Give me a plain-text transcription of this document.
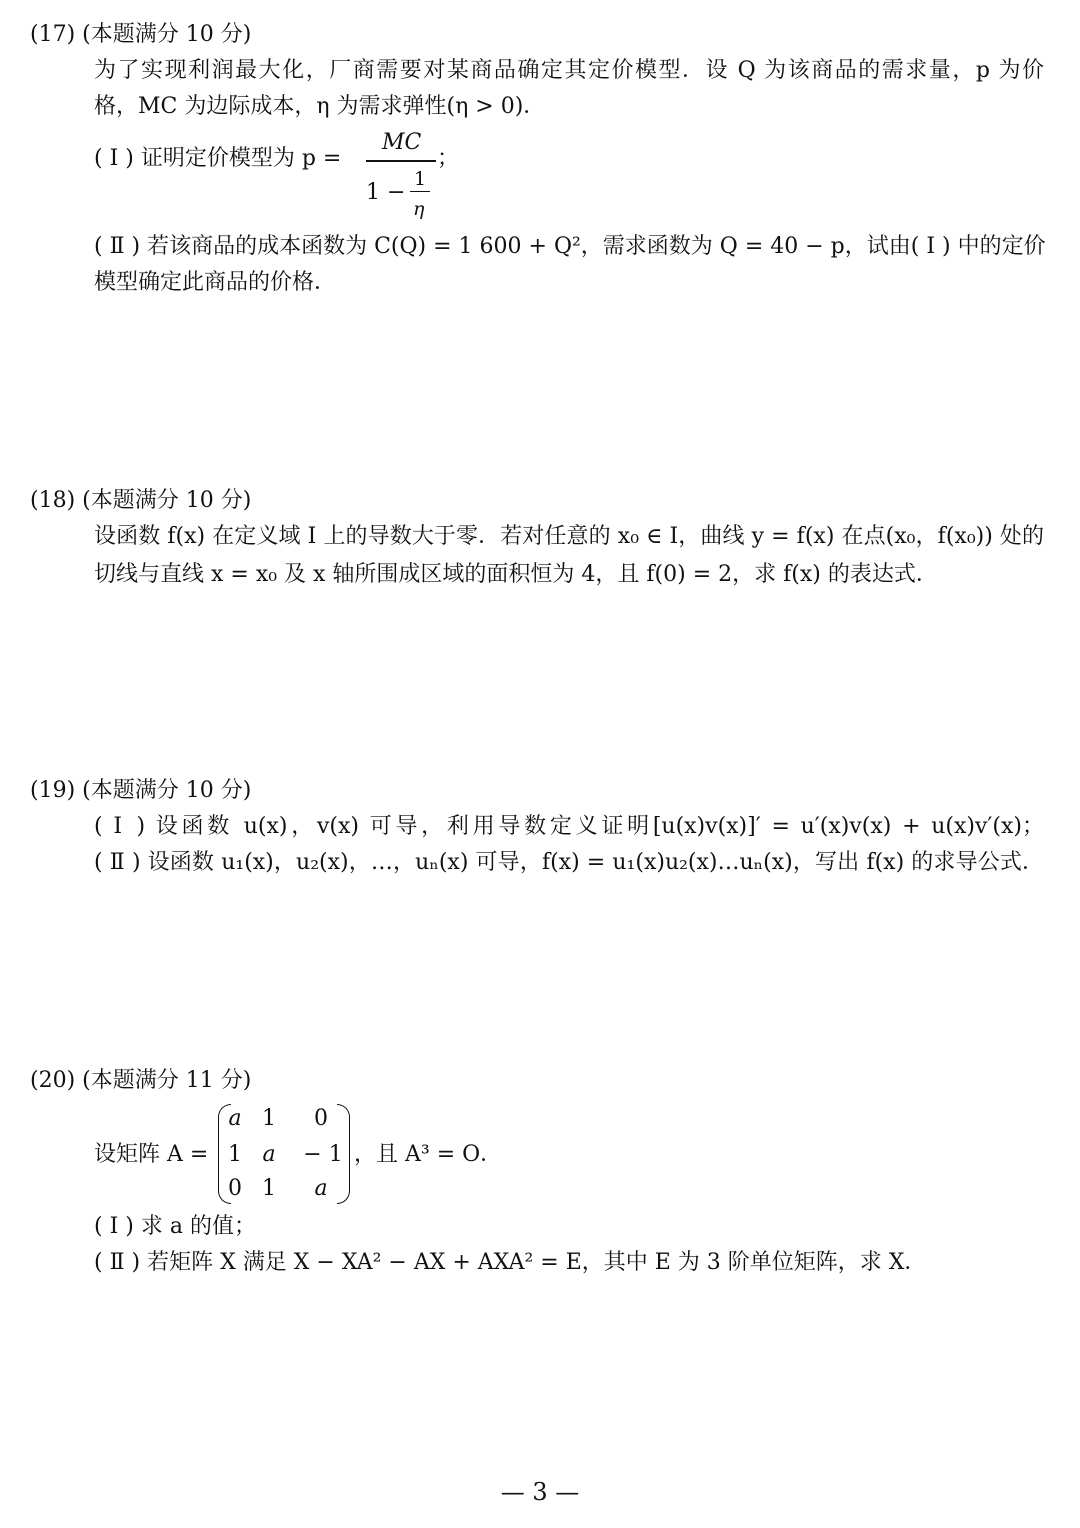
(17) (本题满分 10 分)
为了实现利润最大化，厂商需要对某商品确定其定价模型．设 Q 为该商品的需求量，p 为价
格，MC 为边际成本，η 为需求弹性(η > 0)．
( Ⅰ ) 证明定价模型为 p =
MC
1 −
1
η
；
( Ⅱ ) 若该商品的成本函数为 C(Q) = 1 600 + Q²，需求函数为 Q = 40 − p，试由( Ⅰ ) 中的定价
模型确定此商品的价格．
(18) (本题满分 10 分)
设函数 f(x) 在定义域 I 上的导数大于零．若对任意的 x₀ ∈ I，曲线 y = f(x) 在点(x₀，f(x₀)) 处的
切线与直线 x = x₀ 及 x 轴所围成区域的面积恒为 4，且 f(0) = 2，求 f(x) 的表达式．
(19) (本题满分 10 分)
( Ⅰ ) 设函数 u(x)，v(x) 可导，利用导数定义证明[u(x)v(x)]′ = u′(x)v(x) + u(x)v′(x)；
( Ⅱ ) 设函数 u₁(x)，u₂(x)，…，uₙ(x) 可导，f(x) = u₁(x)u₂(x)…uₙ(x)，写出 f(x) 的求导公式．
(20) (本题满分 11 分)
设矩阵 A =
a 1	0
1 a	− 1
0 1	a
，且 A³ = O．
( Ⅰ ) 求 a 的值；
( Ⅱ ) 若矩阵 X 满足 X − XA² − AX + AXA² = E，其中 E 为 3 阶单位矩阵，求 X．
— 3 —
